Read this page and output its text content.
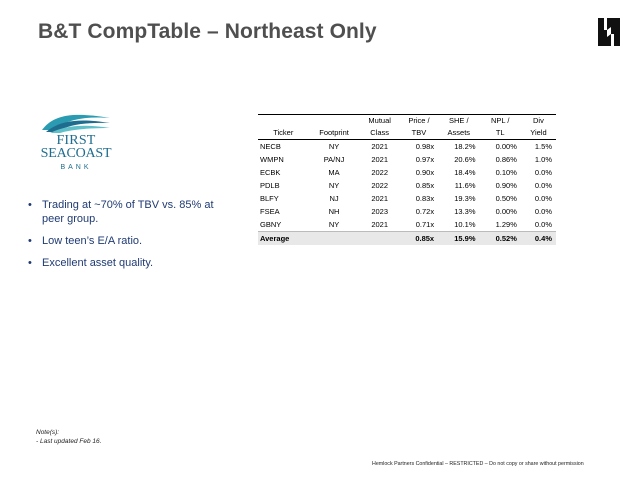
B&T CompTable – Northeast Only
FIRST
SEACOAST
BANK
• Trading at ~70% of TBV vs. 85% at peer group.
• Low teen’s E/A ratio.
• Excellent asset quality.

		Mutual	Price /	SHE /	NPL /	Div
Ticker	Footprint	Class	TBV	Assets	TL	Yield
NECB	NY	2021	0.98x	18.2%	0.00%	1.5%
WMPN	PA/NJ	2021	0.97x	20.6%	0.86%	1.0%
ECBK	MA	2022	0.90x	18.4%	0.10%	0.0%
PDLB	NY	2022	0.85x	11.6%	0.90%	0.0%
BLFY	NJ	2021	0.83x	19.3%	0.50%	0.0%
FSEA	NH	2023	0.72x	13.3%	0.00%	0.0%
GBNY	NY	2021	0.71x	10.1%	1.29%	0.0%
Average			0.85x	15.9%	0.52%	0.4%
Note(s):
- Last updated Feb 16.
Hemlock Partners Confidential – RESTRICTED – Do not copy or share without permission
